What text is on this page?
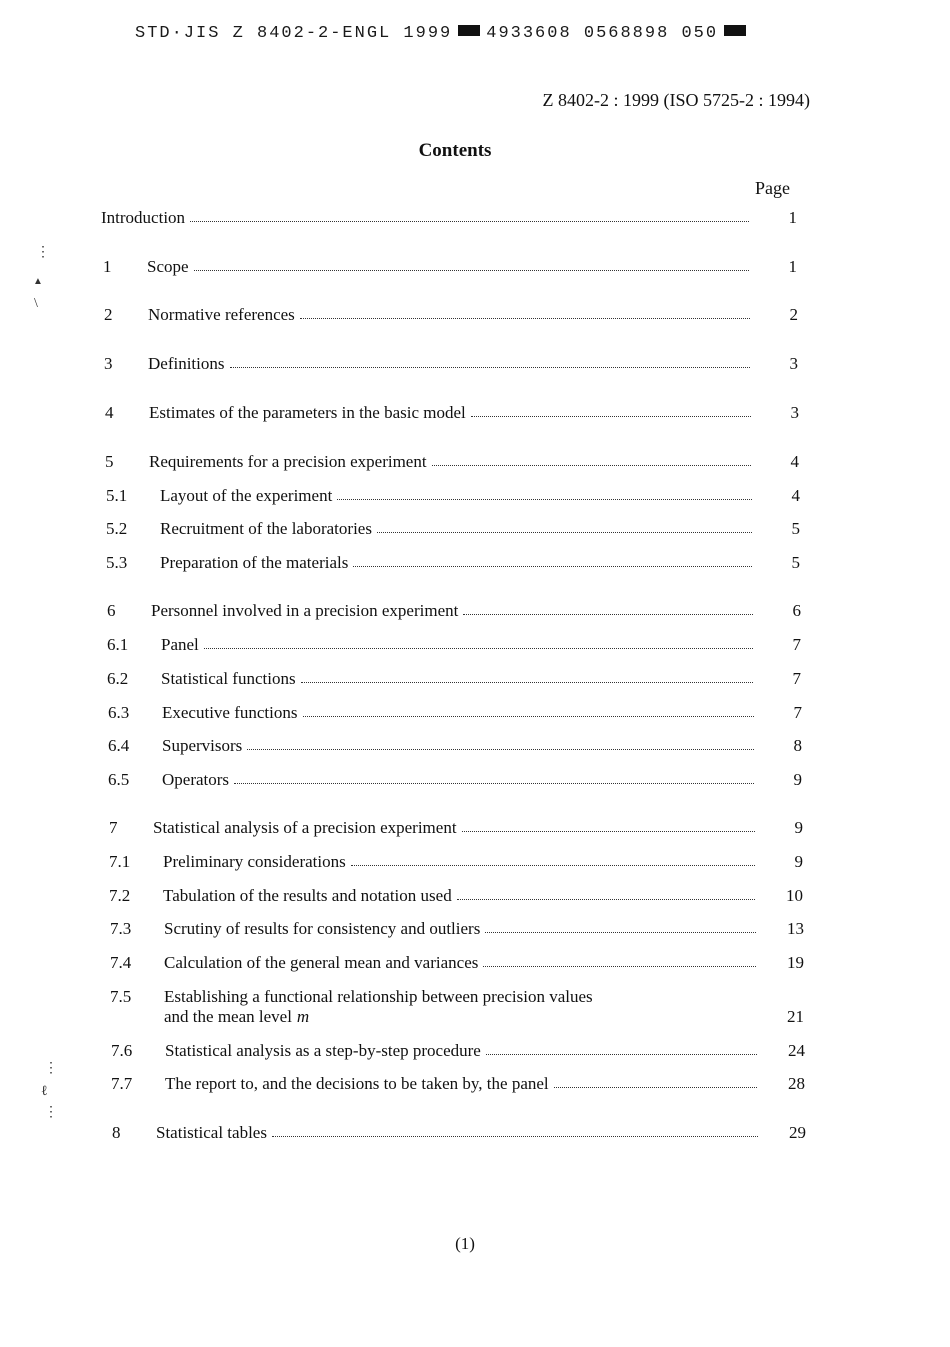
STD·JIS Z 8402-2-ENGL 1999 4933608 0568898 050
Z 8402-2 : 1999 (ISO 5725-2 : 1994)
Contents
Page
Introduction	1
1 Scope	1
2 Normative references	2
3 Definitions	3
4 Estimates of the parameters in the basic model	3
5 Requirements for a precision experiment	4
5.1 Layout of the experiment	4
5.2 Recruitment of the laboratories	5
5.3 Preparation of the materials	5
6 Personnel involved in a precision experiment	6
6.1 Panel	7
6.2 Statistical functions	7
6.3 Executive functions	7
6.4 Supervisors	8
6.5 Operators	9
7 Statistical analysis of a precision experiment	9
7.1 Preliminary considerations	9
7.2 Tabulation of the results and notation used	10
7.3 Scrutiny of results for consistency and outliers	13
7.4 Calculation of the general mean and variances	19
7.5 Establishing a functional relationship between precision values
and the mean level m	21
7.6 Statistical analysis as a step-by-step procedure	24
7.7 The report to, and the decisions to be taken by, the panel	28
8 Statistical tables	29
(1)
⋮
▲
\
⋮
ℓ
⋮
